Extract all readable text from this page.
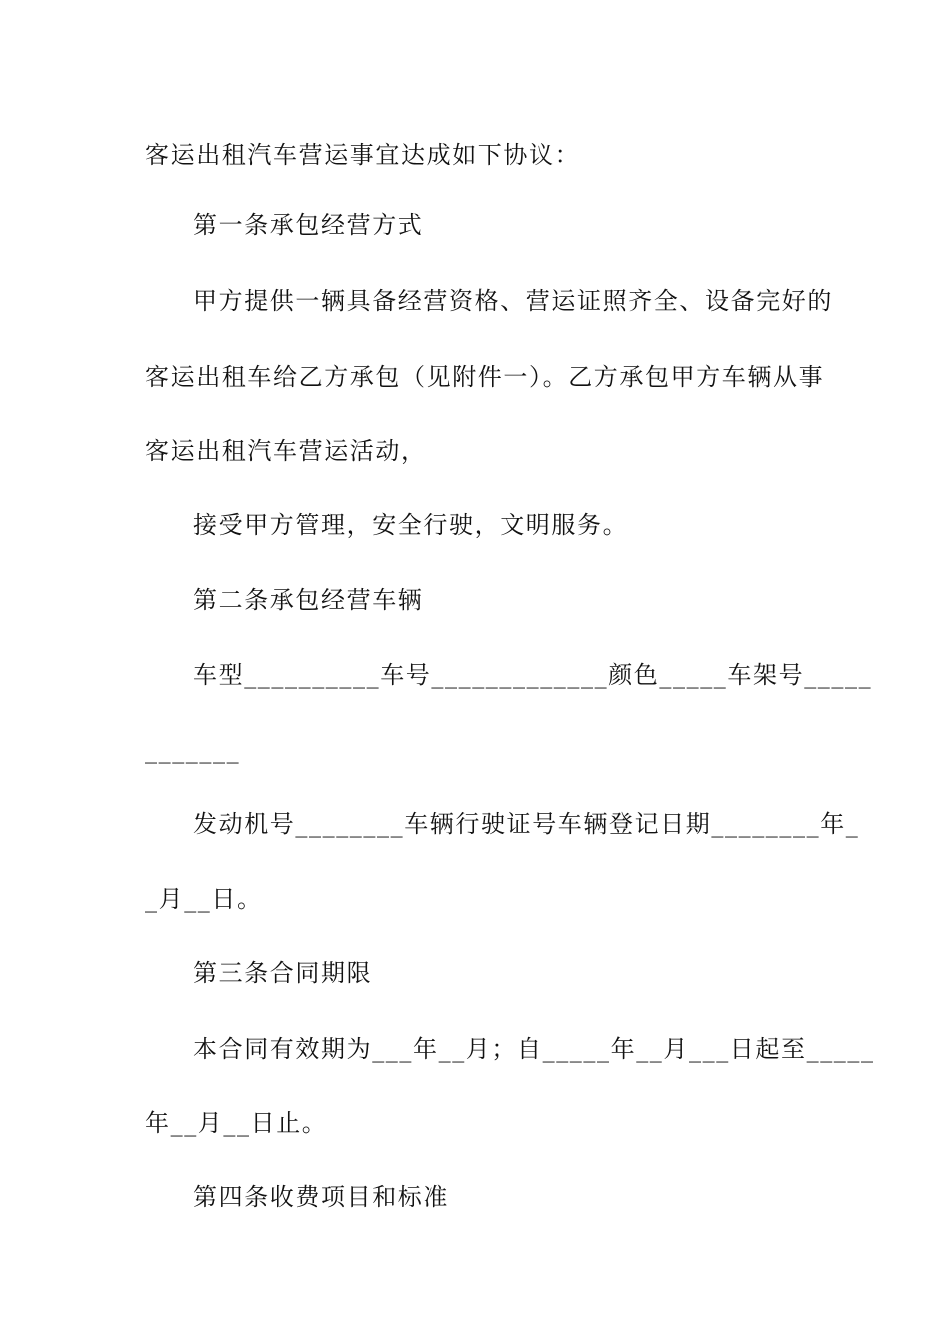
客运出租汽车营运事宜达成如下协议：
第一条承包经营方式
甲方提供一辆具备经营资格、营运证照齐全、设备完好的
客运出租车给乙方承包（见附件一）。乙方承包甲方车辆从事
客运出租汽车营运活动，
接受甲方管理，安全行驶，文明服务。
第二条承包经营车辆
车型__________车号_____________颜色_____车架号_____
_______
发动机号________车辆行驶证号车辆登记日期________年_
_月__日。
第三条合同期限
本合同有效期为___年__月；自_____年__月___日起至_____
年__月__日止。
第四条收费项目和标准
